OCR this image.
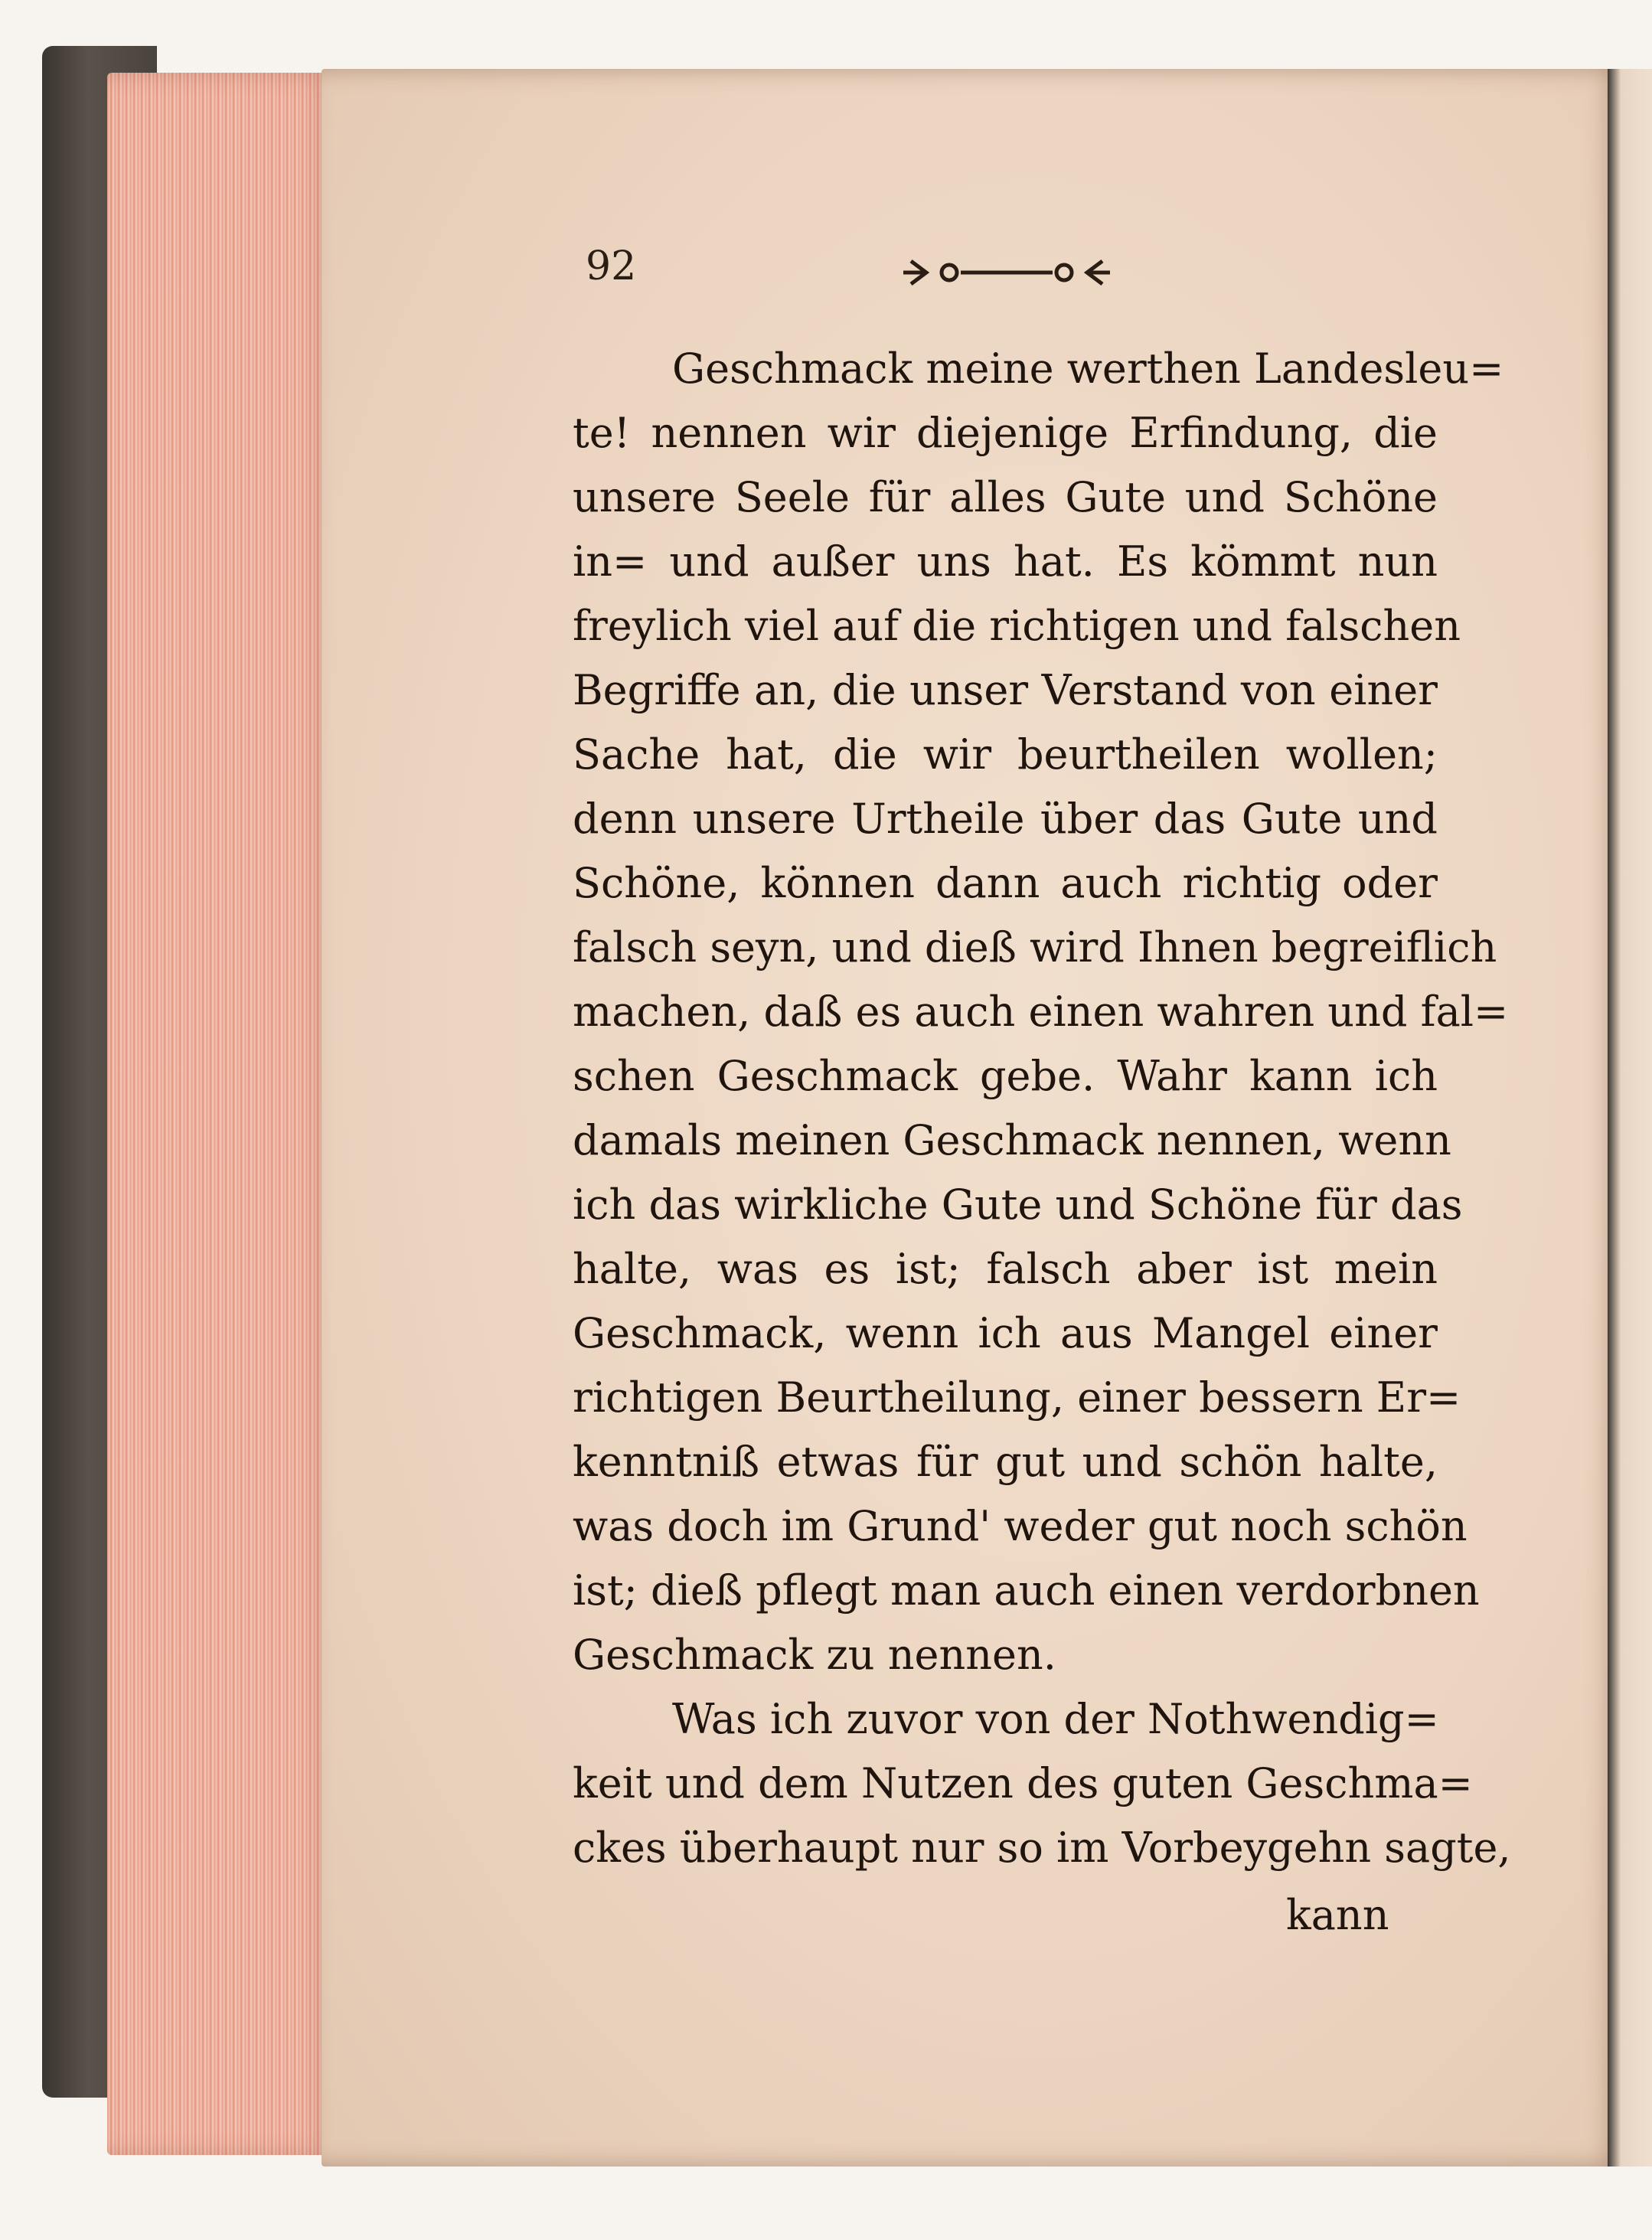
92
Geschmack meine werthen Landesleu=
te! nennen wir diejenige Erfindung, die
unsere Seele für alles Gute und Schöne
in= und außer uns hat. Es kömmt nun
freylich viel auf die richtigen und falschen
Begriffe an, die unser Verstand von einer
Sache hat, die wir beurtheilen wollen;
denn unsere Urtheile über das Gute und
Schöne, können dann auch richtig oder
falsch seyn, und dieß wird Ihnen begreiflich
machen, daß es auch einen wahren und fal=
schen Geschmack gebe. Wahr kann ich
damals meinen Geschmack nennen, wenn
ich das wirkliche Gute und Schöne für das
halte, was es ist; falsch aber ist mein
Geschmack, wenn ich aus Mangel einer
richtigen Beurtheilung, einer bessern Er=
kenntniß etwas für gut und schön halte,
was doch im Grund' weder gut noch schön
ist; dieß pflegt man auch einen verdorbnen
Geschmack zu nennen.
Was ich zuvor von der Nothwendig=
keit und dem Nutzen des guten Geschma=
ckes überhaupt nur so im Vorbeygehn sagte,
kann
